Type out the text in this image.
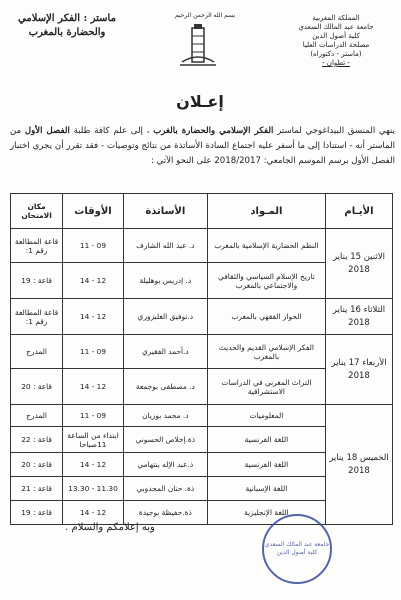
المملكة المغربية
جامعة عبد المالك السعدي
كلية أصول الدين
مصلحة الدراسات العليا
(ماستر - دكتوراه)
- تطوان -
بسم الله الرحمن الرحيم
ماستر : الفكر الإسلامي
والحضارة بالمغرب
إعـلان
ينهي المنسق البيداغوجي لماستر الفكر الإسلامي والحضارة بالغرب ، إلى علم كافة طلبة الفصل الأول من الماستر أنه - استنادا إلى ما أسفر عليه اجتماع السادة الأساتذة من نتائج وتوصيات - فقد تقرر أن يجري اختبار الفصل الأول برسم الموسم الجامعي: 2018/2017 على النحو الآتي :
الأيـام	المـواد	الأساتذة	الأوقات	مكان الامتحان
الاثنين 15 يناير 2018	النظم الحضارية الإسلامية بالمغرب	د. عبد الله الشارف	09 - 11	قاعة المطالعة رقم 1:
	تاريخ الإسلام السياسي والثقافي والاجتماعي بالمغرب	د. إدريس بوهليلة	12 - 14	قاعة : 19
الثلاثاء 16 يناير 2018	الحوار الفقهي بالمغرب	د.توفيق الغلبزوري	12 - 14	قاعة المطالعة رقم 1:
الأربعاء 17 يناير 2018	الفكر الإسلامي القديم والحديث بالمغرب	د.أحمد الفقيري	09 - 11	المدرج
	التراث المغربي في الدراسات الاستشراقية	د. مصطفى بوجمعة	12 - 14	قاعة : 20
الخميس 18 يناير 2018	المعلوميات	د. محمد بوزيان	09 - 11	المدرج
	اللغة الفرنسية	ذة.إخلاص الحسوني	ابتداء من الساعة 11صباحا	قاعة : 22
	اللغة الفرنسية	ذ.عبد الإله بنتهامي	12 - 14	قاعة : 20
	اللغة الإسبانية	ذة. حنان المجدوبي	11.30 - 13.30	قاعة : 21
	اللغة الإنجليزية	ذة.حفيظة بوجيدة	12 - 14	قاعة : 19
وبه إعلامكم والسلام .
جامعة عبد المالك السعدي كلية أصول الدين
